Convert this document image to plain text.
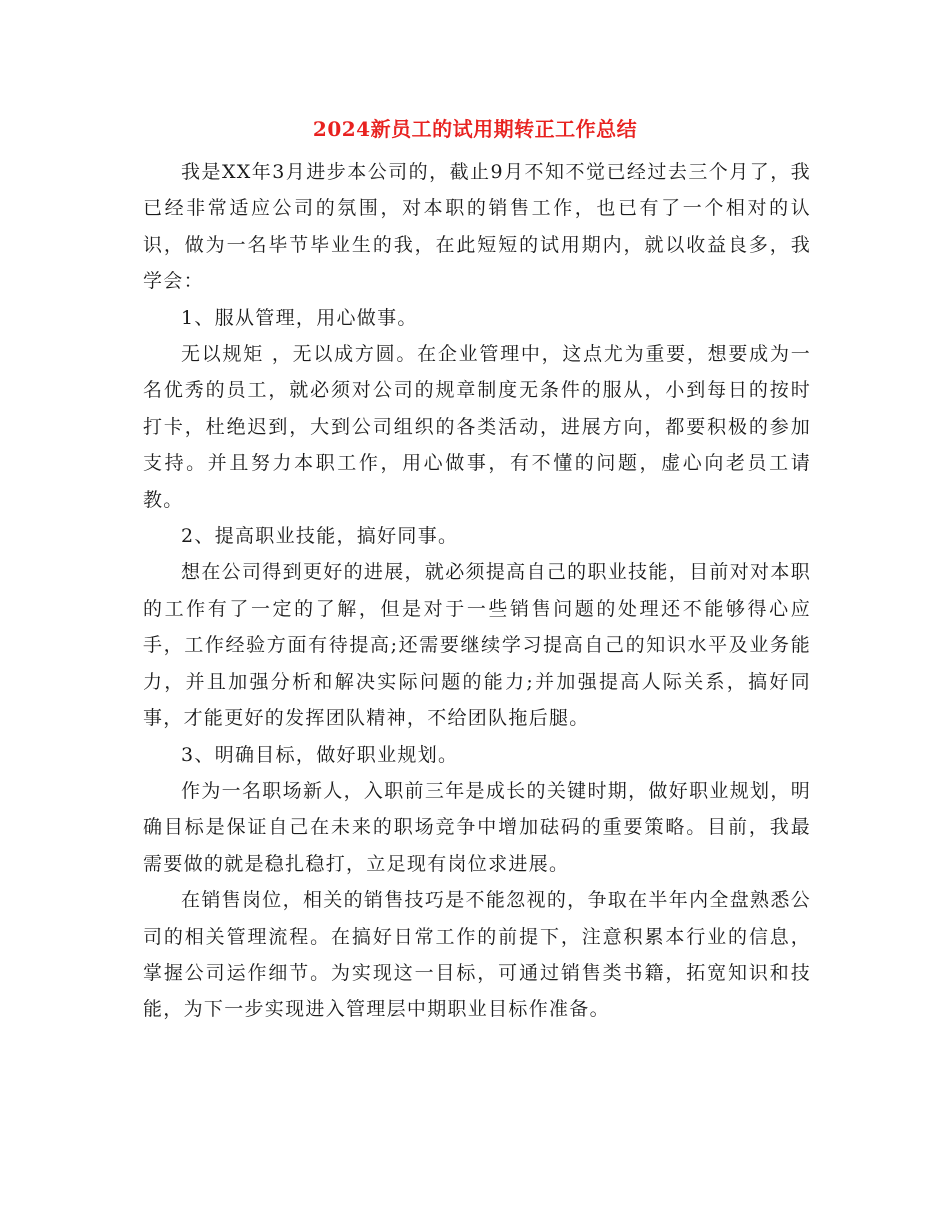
2024新员工的试用期转正工作总结

我是XX年3月进步本公司的，截止9月不知不觉已经过去三个月了，我已经非常适应公司的氛围，对本职的销售工作，也已有了一个相对的认识，做为一名毕节毕业生的我，在此短短的试用期内，就以收益良多，我学会：

1、服从管理，用心做事。

无以规矩 ，无以成方圆。在企业管理中，这点尤为重要，想要成为一名优秀的员工，就必须对公司的规章制度无条件的服从，小到每日的按时打卡，杜绝迟到，大到公司组织的各类活动，进展方向，都要积极的参加支持。并且努力本职工作，用心做事，有不懂的问题，虚心向老员工请教。

2、提高职业技能，搞好同事。

想在公司得到更好的进展，就必须提高自己的职业技能，目前对对本职的工作有了一定的了解，但是对于一些销售问题的处理还不能够得心应手，工作经验方面有待提高;还需要继续学习提高自己的知识水平及业务能力，并且加强分析和解决实际问题的能力;并加强提高人际关系，搞好同事，才能更好的发挥团队精神，不给团队拖后腿。

3、明确目标，做好职业规划。

作为一名职场新人，入职前三年是成长的关键时期，做好职业规划，明确目标是保证自己在未来的职场竞争中增加砝码的重要策略。目前，我最需要做的就是稳扎稳打，立足现有岗位求进展。

在销售岗位，相关的销售技巧是不能忽视的，争取在半年内全盘熟悉公司的相关管理流程。在搞好日常工作的前提下，注意积累本行业的信息，掌握公司运作细节。为实现这一目标，可通过销售类书籍，拓宽知识和技能，为下一步实现进入管理层中期职业目标作准备。
